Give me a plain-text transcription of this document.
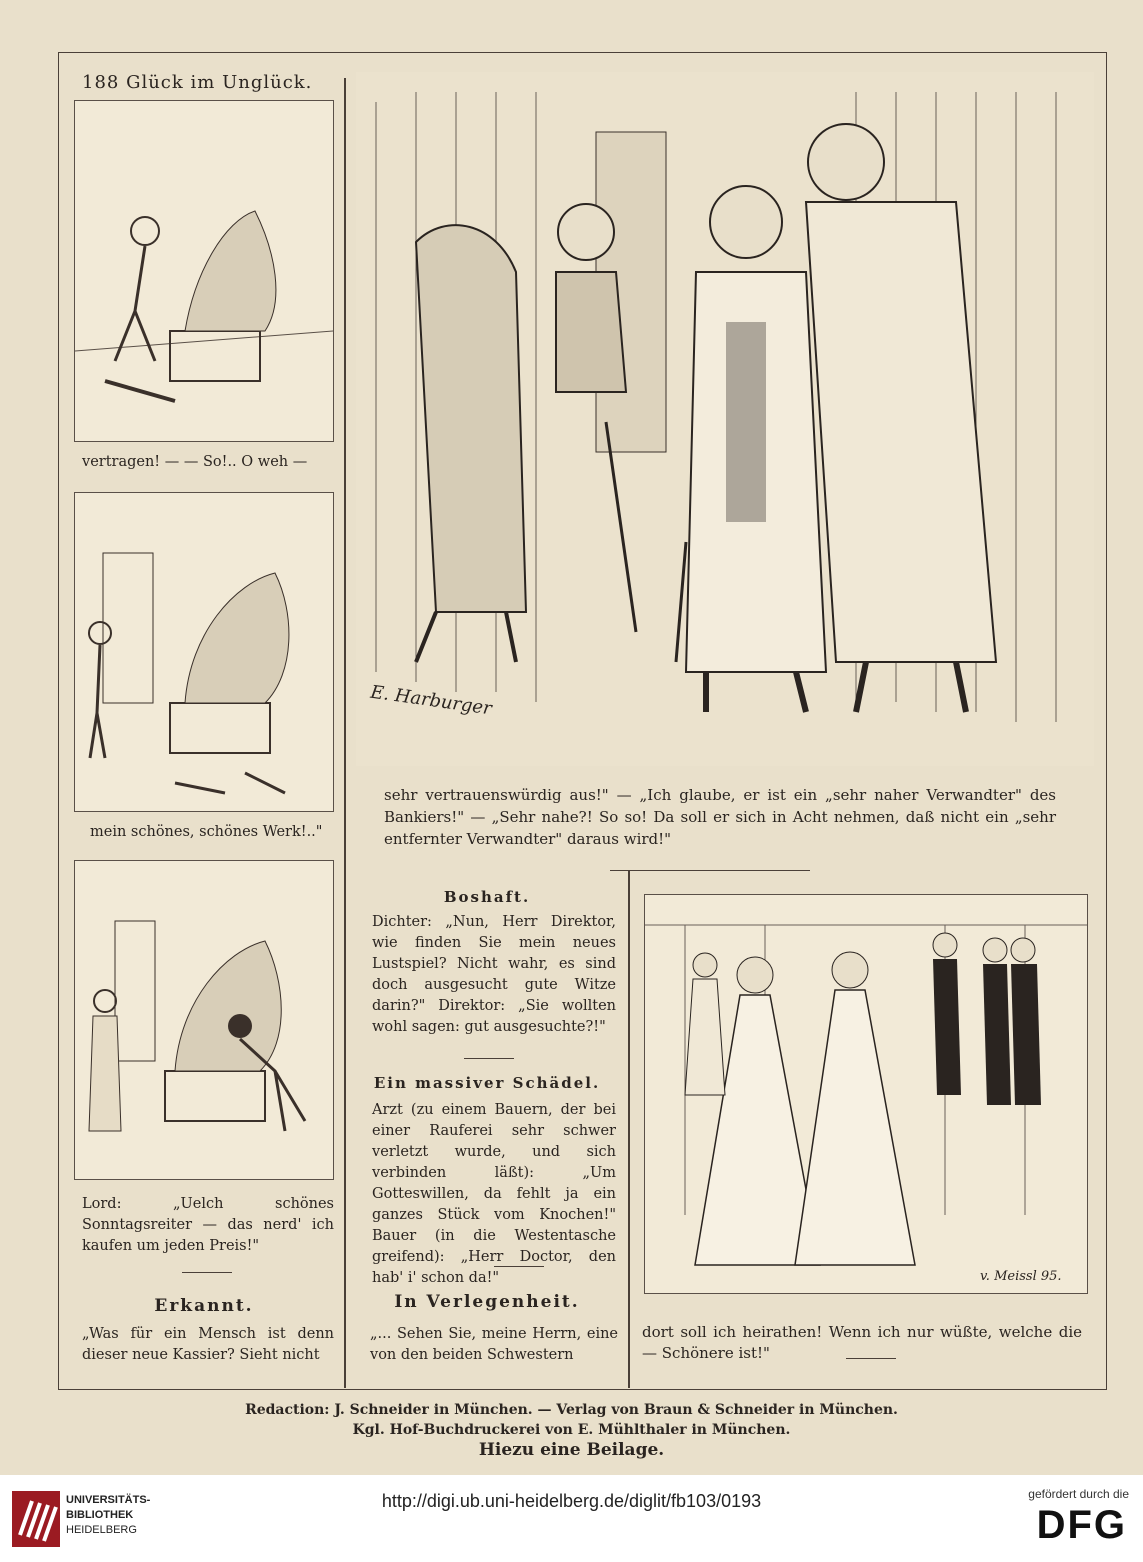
188 Glück im Unglück.
vertragen! — — So!.. O weh —
mein schönes, schönes Werk!.."
Lord: „Uelch schönes Sonntagsreiter — das nerd' ich kaufen um jeden Preis!"
Erkannt.
„Was für ein Mensch ist denn dieser neue Kassier? Sieht nicht
E. Harburger
sehr vertrauenswürdig aus!" — „Ich glaube, er ist ein „sehr naher Verwandter" des Bankiers!" — „Sehr nahe?! So so! Da soll er sich in Acht nehmen, daß nicht ein „sehr entfernter Verwandter" daraus wird!"
Boshaft.
Dichter: „Nun, Herr Direktor, wie finden Sie mein neues Lustspiel? Nicht wahr, es sind doch ausgesucht gute Witze darin?" Direktor: „Sie wollten wohl sagen: gut ausgesuchte?!"
Ein massiver Schädel.
Arzt (zu einem Bauern, der bei einer Rauferei sehr schwer verletzt wurde, und sich verbinden läßt): „Um Gotteswillen, da fehlt ja ein ganzes Stück vom Knochen!" Bauer (in die Westentasche greifend): „Herr Doctor, den hab' i' schon da!"
In Verlegenheit.
„... Sehen Sie, meine Herrn, eine von den beiden Schwestern
v. Meissl 95.
dort soll ich heirathen! Wenn ich nur wüßte, welche die — Schönere ist!"
Redaction: J. Schneider in München. — Verlag von Braun & Schneider in München.
Kgl. Hof-Buchdruckerei von E. Mühlthaler in München.
Hiezu eine Beilage.
UNIVERSITÄTS-
BIBLIOTHEK
HEIDELBERG
http://digi.ub.uni-heidelberg.de/diglit/fb103/0193	gefördert durch die
DFG
